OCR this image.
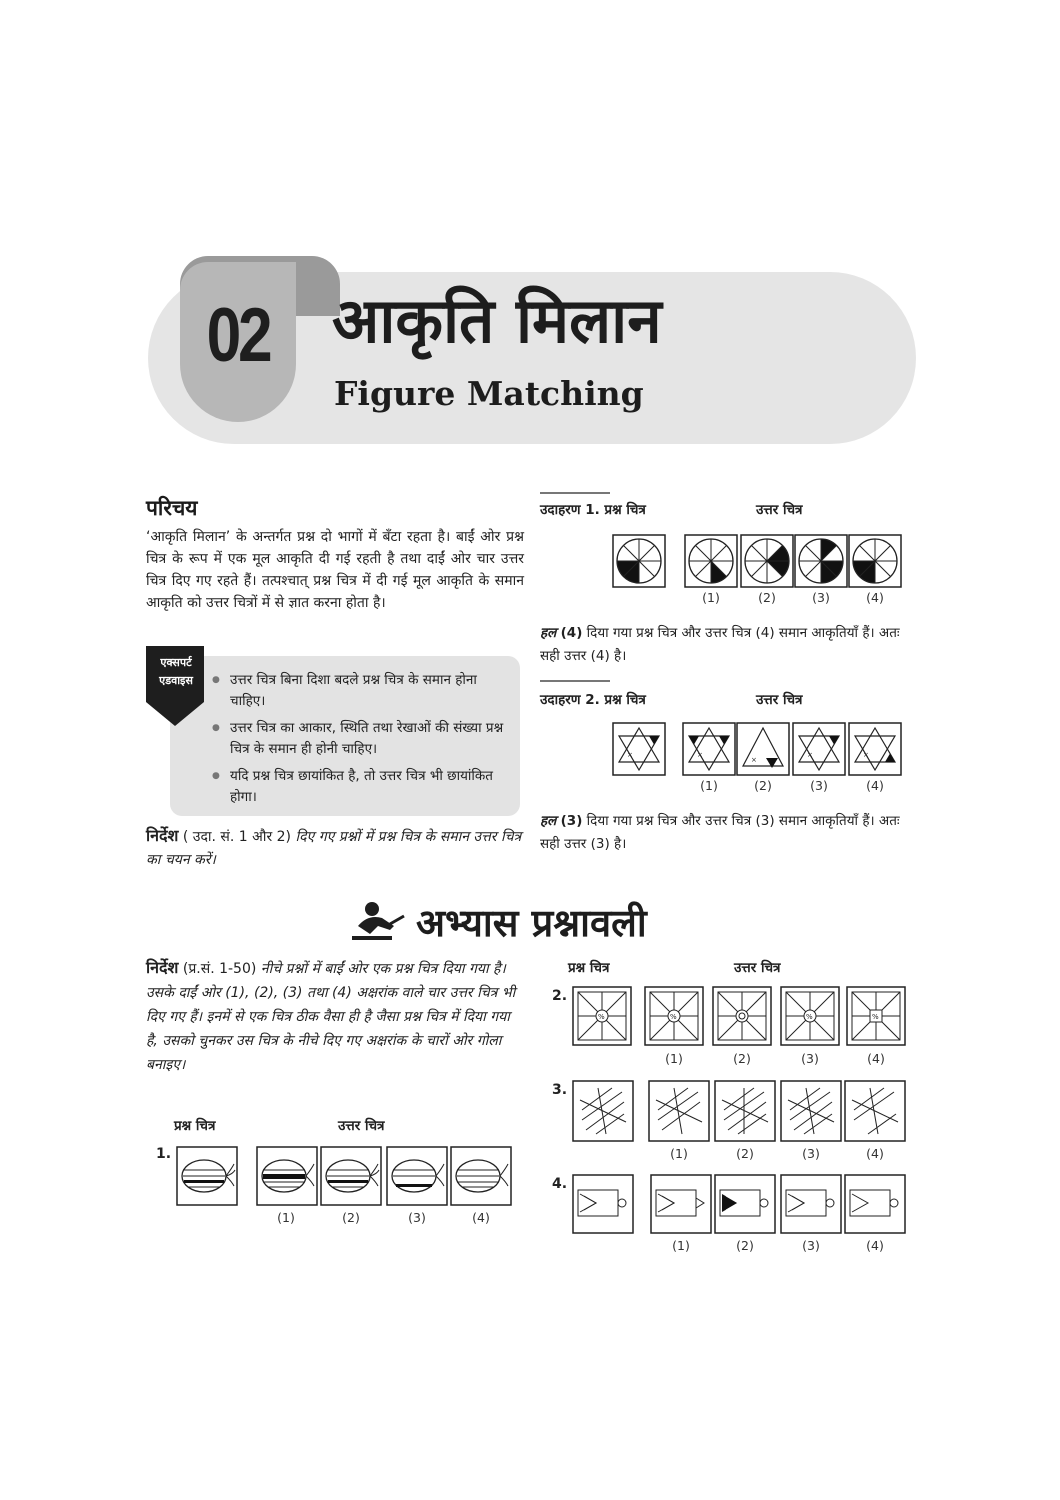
02 आकृति मिलान
Figure Matching
परिचय
‘आकृति मिलान’ के अन्तर्गत प्रश्न दो भागों में बँटा रहता है। बाईं ओर प्रश्न चित्र के रूप में एक मूल आकृति दी गई रहती है तथा दाईं ओर चार उत्तर चित्र दिए गए रहते हैं। तत्पश्चात् प्रश्न चित्र में दी गई मूल आकृति के समान आकृति को उत्तर चित्रों में से ज्ञात करना होता है।
एक्सपर्ट
एडवाइस
●	उत्तर चित्र बिना दिशा बदले प्रश्न चित्र के समान होना चाहिए।
● उत्तर चित्र का आकार, स्थिति तथा रेखाओं की संख्या प्रश्न चित्र के समान ही होनी चाहिए।
● यदि प्रश्न चित्र छायांकित है, तो उत्तर चित्र भी छायांकित होगा।
निर्देश ( उदा. सं. 1 और 2) दिए गए प्रश्नों में प्रश्न चित्र के समान उत्तर चित्र का चयन करें।
उदाहरण 1. प्रश्न चित्र	उत्तर चित्र
(1)	(2)	(3)	(4)
हल (4) दिया गया प्रश्न चित्र और उत्तर चित्र (4) समान आकृतियाँ हैं। अतः सही उत्तर (4) है।
उदाहरण 2. प्रश्न चित्र	उत्तर चित्र
×	×
×
×	×
(1)	(2)	(3)	(4)
हल (3) दिया गया प्रश्न चित्र और उत्तर चित्र (3) समान आकृतियाँ हैं। अतः सही उत्तर (3) है।
अभ्यास प्रश्नावली
निर्देश (प्र.सं. 1-50) नीचे प्रश्नों में बाईं ओर एक प्रश्न चित्र दिया गया है। उसके दाईं ओर (1), (2), (3) तथा (4) अक्षरांक वाले चार उत्तर चित्र भी दिए गए हैं। इनमें से एक चित्र ठीक वैसा ही है जैसा प्रश्न चित्र में दिया गया है, उसको चुनकर उस चित्र के नीचे दिए गए अक्षरांक के चारों ओर गोला बनाइए।
प्रश्न चित्र	उत्तर चित्र
1.
(1)	(2)	(3)	(4)
प्रश्न चित्र	उत्तर चित्र
2.
%	%	%	%
(1)	(2)	(3)	(4)
3.
(1)	(2)	(3)	(4)
4.
(1)	(2)	(3)	(4)
